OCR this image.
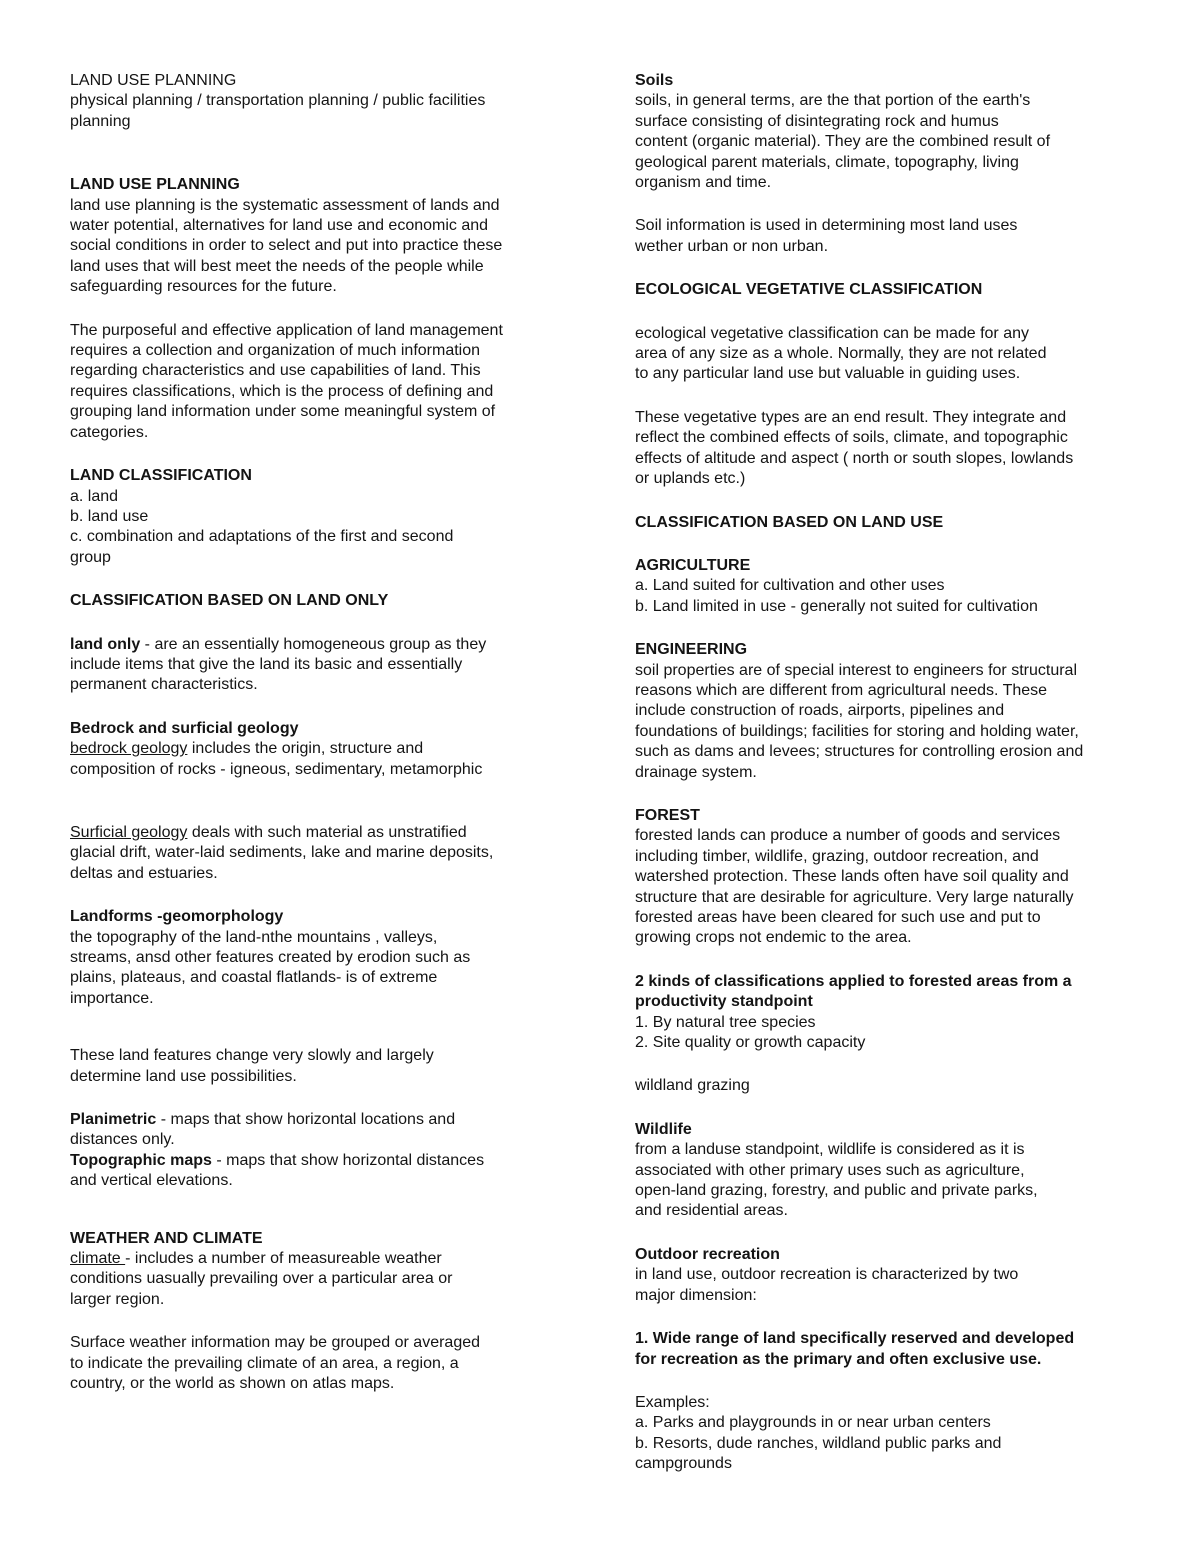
LAND USE PLANNING
physical planning / transportation planning / public facilities
planning
LAND USE PLANNING
land use planning is the systematic assessment of lands and
water potential, alternatives for land use and economic and
social conditions in order to select and put into practice these
land uses that will best meet the needs of the people while
safeguarding resources for the future.
The purposeful and effective application of land management
requires a collection and organization of much information
regarding characteristics and use capabilities of land. This
requires classifications, which is the process of defining and
grouping land information under some meaningful system of
categories.
LAND CLASSIFICATION
a. land
b. land use
c. combination and adaptations of the first and second
group
CLASSIFICATION BASED ON LAND ONLY
land only - are an essentially homogeneous group as they
include items that give the land its basic and essentially
permanent characteristics.
Bedrock and surficial geology
bedrock geology includes the origin, structure and
composition of rocks - igneous, sedimentary, metamorphic
Surficial geology deals with such material as unstratified
glacial drift, water-laid sediments, lake and marine deposits,
deltas and estuaries.
Landforms -geomorphology
the topography of the land-nthe mountains , valleys,
streams, ansd other features created by erodion such as
plains, plateaus, and coastal flatlands- is of extreme
importance.
These land features change very slowly and largely
determine land use possibilities.
Planimetric - maps that show horizontal locations and
distances only.
Topographic maps - maps that show horizontal distances
and vertical elevations.
WEATHER AND CLIMATE
climate - includes a number of measureable weather
conditions uasually prevailing over a particular area or
larger region.
Surface weather information may be grouped or averaged
to indicate the prevailing climate of an area, a region, a
country, or the world as shown on atlas maps.
Soils
soils, in general terms, are the that portion of the earth's
surface consisting of disintegrating rock and humus
content (organic material). They are the combined result of
geological parent materials, climate, topography, living
organism and time.
Soil information is used in determining most land uses
wether urban or non urban.
ECOLOGICAL VEGETATIVE CLASSIFICATION
ecological vegetative classification can be made for any
area of any size as a whole. Normally, they are not related
to any particular land use but valuable in guiding uses.
These vegetative types are an end result. They integrate and
reflect the combined effects of soils, climate, and topographic
effects of altitude and aspect ( north or south slopes, lowlands
or uplands etc.)
CLASSIFICATION BASED ON LAND USE
AGRICULTURE
a. Land suited for cultivation and other uses
b. Land limited in use - generally not suited for cultivation
ENGINEERING
soil properties are of special interest to engineers for structural
reasons which are different from agricultural needs. These
include construction of roads, airports, pipelines and
foundations of buildings; facilities for storing and holding water,
such as dams and levees; structures for controlling erosion and
drainage system.
FOREST
forested lands can produce a number of goods and services
including timber, wildlife, grazing, outdoor recreation, and
watershed protection. These lands often have soil quality and
structure that are desirable for agriculture. Very large naturally
forested areas have been cleared for such use and put to
growing crops not endemic to the area.
2 kinds of classifications applied to forested areas from a
productivity standpoint
1. By natural tree species
2. Site quality or growth capacity
wildland grazing
Wildlife
from a landuse standpoint, wildlife is considered as it is
associated with other primary uses such as agriculture,
open-land grazing, forestry, and public and private parks,
and residential areas.
Outdoor recreation
in land use, outdoor recreation is characterized by two
major dimension:
1. Wide range of land specifically reserved and developed
for recreation as the primary and often exclusive use.
Examples:
a. Parks and playgrounds in or near urban centers
b. Resorts, dude ranches, wildland public parks and
campgrounds
